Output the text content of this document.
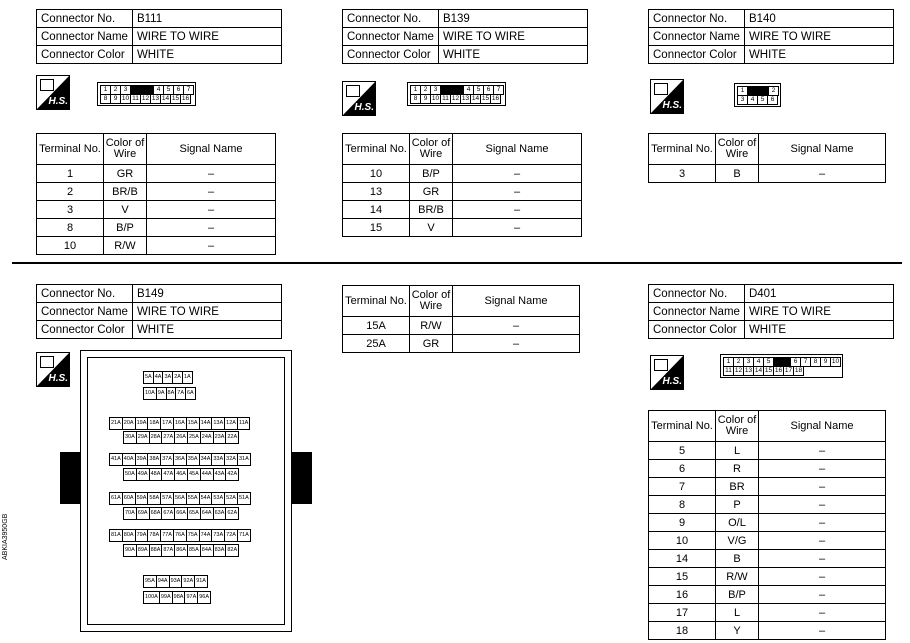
Connector No.	B111
Connector Name	WIRE TO WIRE
Connector Color	WHITE
H.S.
1 2 3	4 5 6 7
8 9 10 11 12 13 14 15 16
Terminal No.	Color of Wire	Signal Name
1	GR	–
2	BR/B	–
3	V	–
8	B/P	–
10	R/W	–
Connector No.	B139
Connector Name	WIRE TO WIRE
Connector Color	WHITE
H.S.
1 2 3	4 5 6 7
8 9 10 11 12 13 14 15 16
Terminal No.	Color of Wire	Signal Name
10	B/P	–
13	GR	–
14	BR/B	–
15	V	–
Connector No.	B140
Connector Name	WIRE TO WIRE
Connector Color	WHITE
H.S.
1	2
3 4 5 6
Terminal No.	Color of Wire	Signal Name
3	B	–
Connector No.	B149
Connector Name	WIRE TO WIRE
Connector Color	WHITE
H.S.	5A 4A 3A 2A 1A
10A 9A 8A 7A 6A
21A 20A 19A 18A 17A 16A 15A 14A 13A 12A 11A
30A 29A 28A 27A 26A 25A 24A 23A 22A
41A 40A 39A 38A 37A 36A 35A 34A 33A 32A 31A
50A 49A 48A 47A 46A 45A 44A 43A 42A
61A 60A 59A 58A 57A 56A 55A 54A 53A 52A 51A
70A 69A 68A 67A 66A 65A 64A 63A 62A
81A 80A 79A 78A 77A 76A 75A 74A 73A 72A 71A
90A 89A 88A 87A 86A 85A 84A 83A 82A
95A 94A 93A 92A 91A
100A 99A 98A 97A 96A
Terminal No.	Color of Wire	Signal Name
15A	R/W	–
25A	GR	–
Connector No.	D401
Connector Name	WIRE TO WIRE
Connector Color	WHITE
H.S.
1 2 3 4 5	6 7 8 9 10
11 12 13 14 15 16 17 18
Terminal No.	Color of Wire	Signal Name
5	L	–
6	R	–
7	BR	–
8	P	–
9	O/L	–
10	V/G	–
14	B	–
15	R/W	–
16	B/P	–
17	L	–
18	Y	–
ABKIA3950GB
